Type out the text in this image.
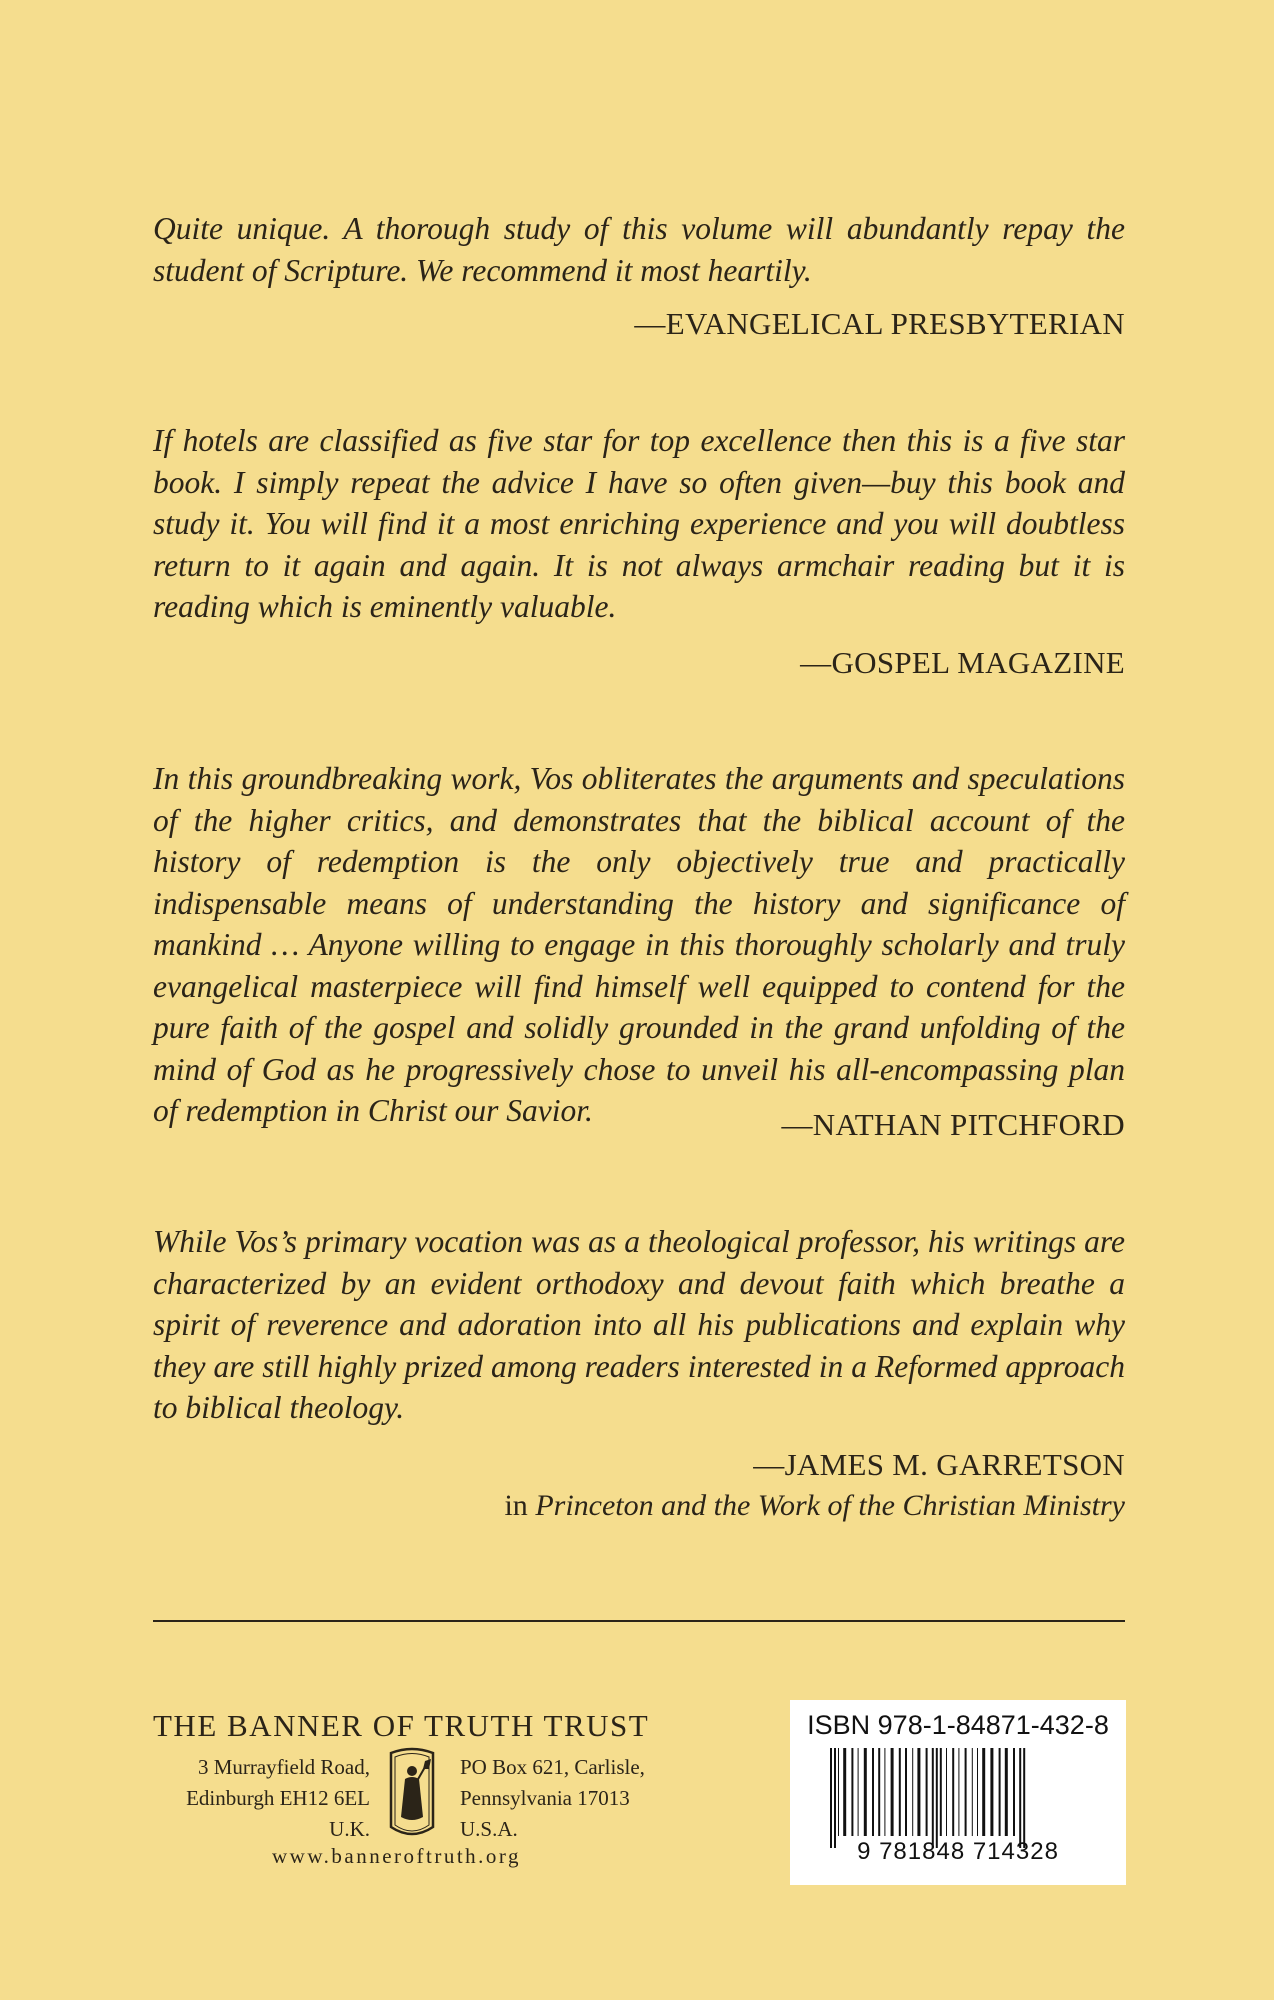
Quite unique. A thorough study of this volume will abundantly repay the student of Scripture. We recommend it most heartily.

—EVANGELICAL PRESBYTERIAN

If hotels are classified as five star for top excellence then this is a five star book. I simply repeat the advice I have so often given—buy this book and study it. You will find it a most enriching experience and you will doubtless return to it again and again. It is not always armchair reading but it is reading which is eminently valuable.

—GOSPEL MAGAZINE

In this groundbreaking work, Vos obliterates the arguments and speculations of the higher critics, and demonstrates that the biblical account of the history of redemption is the only objectively true and practically indispensable means of understanding the history and significance of mankind … Anyone willing to engage in this thoroughly scholarly and truly evangelical masterpiece will find himself well equipped to contend for the pure faith of the gospel and solidly grounded in the grand unfolding of the mind of God as he progressively chose to unveil his all-encompassing plan of redemption in Christ our Savior.	—NATHAN PITCHFORD

While Vos’s primary vocation was as a theological professor, his writings are characterized by an evident orthodoxy and devout faith which breathe a spirit of reverence and adoration into all his publications and explain why they are still highly prized among readers interested in a Reformed approach to biblical theology.

—JAMES M. GARRETSON

in Princeton and the Work of the Christian Ministry

THE BANNER OF TRUTH TRUST
3 Murrayfield Road,
Edinburgh EH12 6EL
U.K.
PO Box 621, Carlisle,
Pennsylvania 17013
U.S.A.
www.banneroftruth.org
ISBN 978-1-84871-432-8
9 781848 714328
